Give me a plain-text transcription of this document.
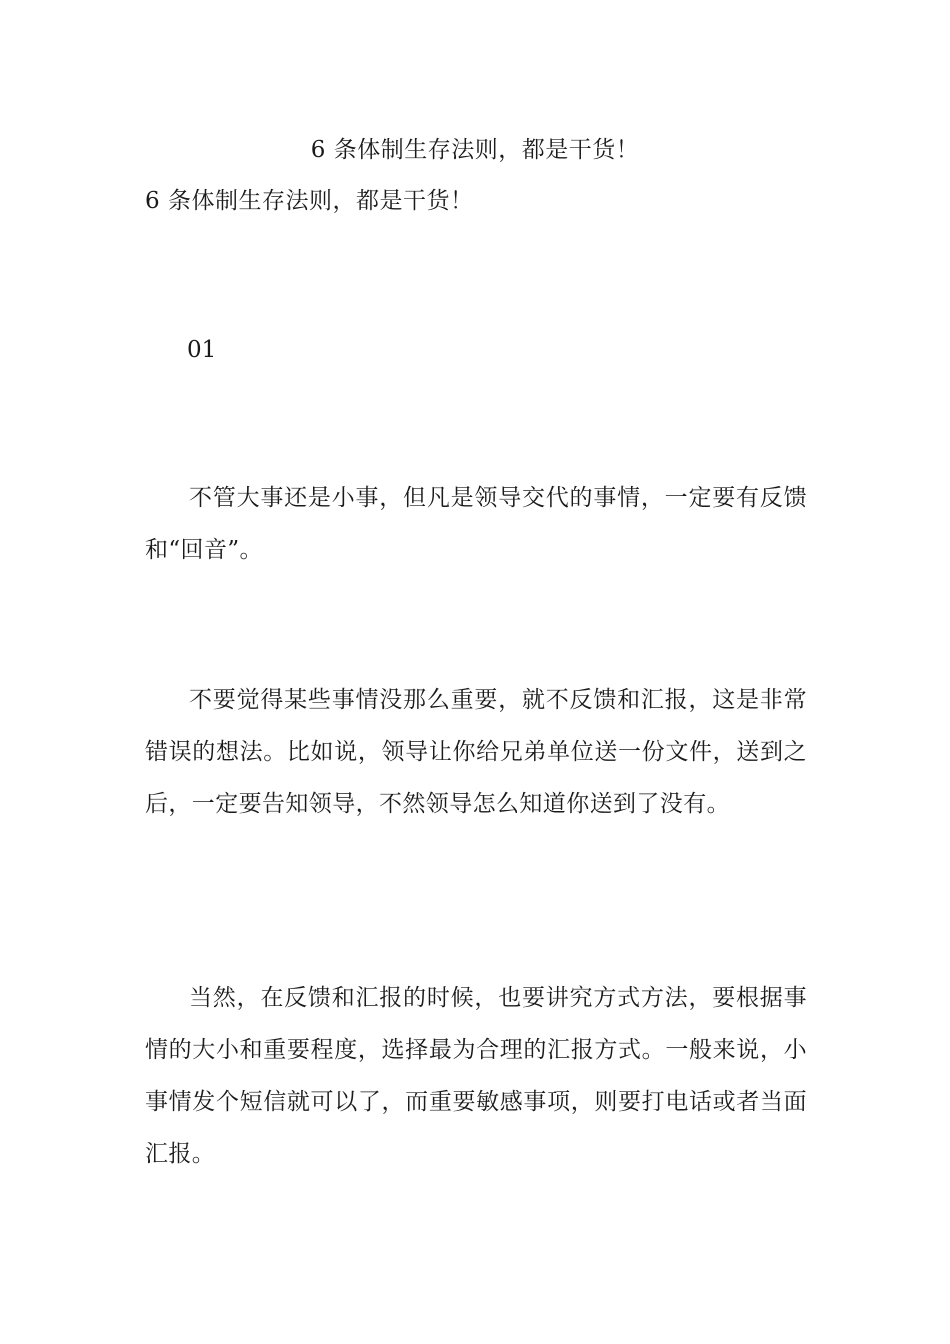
6 条体制生存法则，都是干货！
6 条体制生存法则，都是干货！
01

不管大事还是小事，但凡是领导交代的事情，一定要有反馈和“回音”。

不要觉得某些事情没那么重要，就不反馈和汇报，这是非常错误的想法。比如说，领导让你给兄弟单位送一份文件，送到之后，一定要告知领导，不然领导怎么知道你送到了没有。

当然，在反馈和汇报的时候，也要讲究方式方法，要根据事情的大小和重要程度，选择最为合理的汇报方式。一般来说，小事情发个短信就可以了，而重要敏感事项，则要打电话或者当面汇报。
